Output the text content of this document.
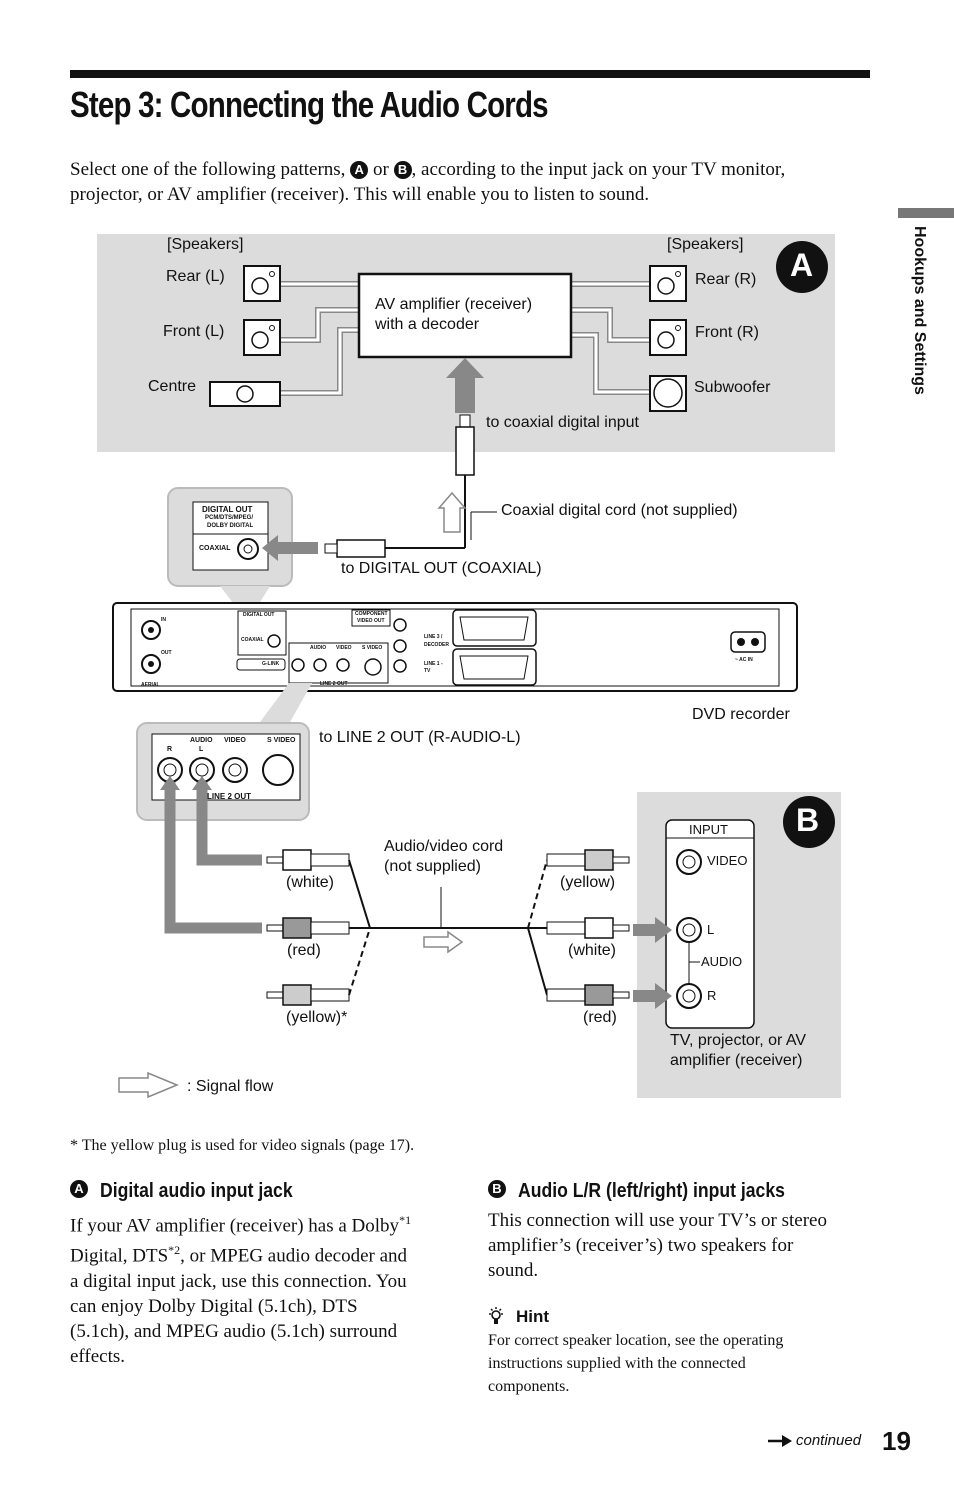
Step 3: Connecting the Audio Cords
Select one of the following patterns, A or B , according to the input jack on your TV monitor,
projector, or AV amplifier (receiver). This will enable you to listen to sound.
Hookups and Settings
A
[Speakers]	[Speakers]
Rear (L)
Front (L)
Centre
Rear (R)
Front (R)
Subwoofer
AV amplifier (receiver)
with a decoder
to coaxial digital input
Coaxial digital cord (not supplied)
to DIGITAL OUT (COAXIAL)
DIGITAL OUT
PCM/DTS/MPEG/
DOLBY DIGITAL
COAXIAL
AERIAL
IN
OUT
DIGITAL OUT
COAXIAL
G-LINK
COMPONENT
VIDEO OUT
AUDIO VIDEO S VIDEO
LINE 2 OUT
LINE 3 /
DECODER
LINE 1 -
TV
~ AC IN
DVD recorder
AUDIO VIDEO	S VIDEO
R	L
LINE 2 OUT
to LINE 2 OUT (R-AUDIO-L)
Audio/video cord
(not supplied)
(white)
(red)
(yellow)*
(yellow)
(white)
(red)
B
INPUT
VIDEO
L
AUDIO
R
TV, projector, or AV
amplifier (receiver)
: Signal flow
* The yellow plug is used for video signals (page 17).
A Digital audio input jack
If your AV amplifier (receiver) has a Dolby$^{*1}$
Digital, DTS$^{*2}$, or MPEG audio decoder and
a digital input jack, use this connection. You
can enjoy Dolby Digital (5.1ch), DTS
(5.1ch), and MPEG audio (5.1ch) surround
effects.
B Audio L/R (left/right) input jacks
This connection will use your TV’s or stereo
amplifier’s (receiver’s) two speakers for
sound.
Hint
For correct speaker location, see the operating
instructions supplied with the connected
components.
continued 19
